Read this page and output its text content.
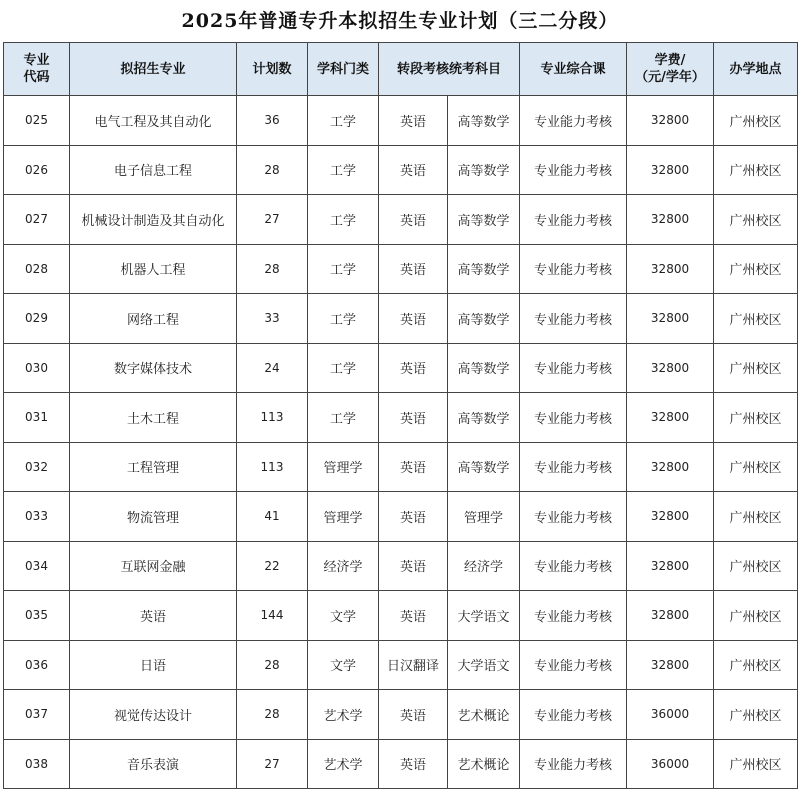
2025年普通专升本拟招生专业计划（三二分段）
专业
代码	拟招生专业	计划数	学科门类	转段考核统考科目		专业综合课	学费/
（元/学年）	办学地点
025	电气工程及其自动化	36	工学	英语	高等数学	专业能力考核	32800	广州校区
026	电子信息工程	28	工学	英语	高等数学	专业能力考核	32800	广州校区
027	机械设计制造及其自动化	27	工学	英语	高等数学	专业能力考核	32800	广州校区
028	机器人工程	28	工学	英语	高等数学	专业能力考核	32800	广州校区
029	网络工程	33	工学	英语	高等数学	专业能力考核	32800	广州校区
030	数字媒体技术	24	工学	英语	高等数学	专业能力考核	32800	广州校区
031	土木工程	113	工学	英语	高等数学	专业能力考核	32800	广州校区
032	工程管理	113	管理学	英语	高等数学	专业能力考核	32800	广州校区
033	物流管理	41	管理学	英语	管理学	专业能力考核	32800	广州校区
034	互联网金融	22	经济学	英语	经济学	专业能力考核	32800	广州校区
035	英语	144	文学	英语	大学语文	专业能力考核	32800	广州校区
036	日语	28	文学	日汉翻译	大学语文	专业能力考核	32800	广州校区
037	视觉传达设计	28	艺术学	英语	艺术概论	专业能力考核	36000	广州校区
038	音乐表演	27	艺术学	英语	艺术概论	专业能力考核	36000	广州校区
